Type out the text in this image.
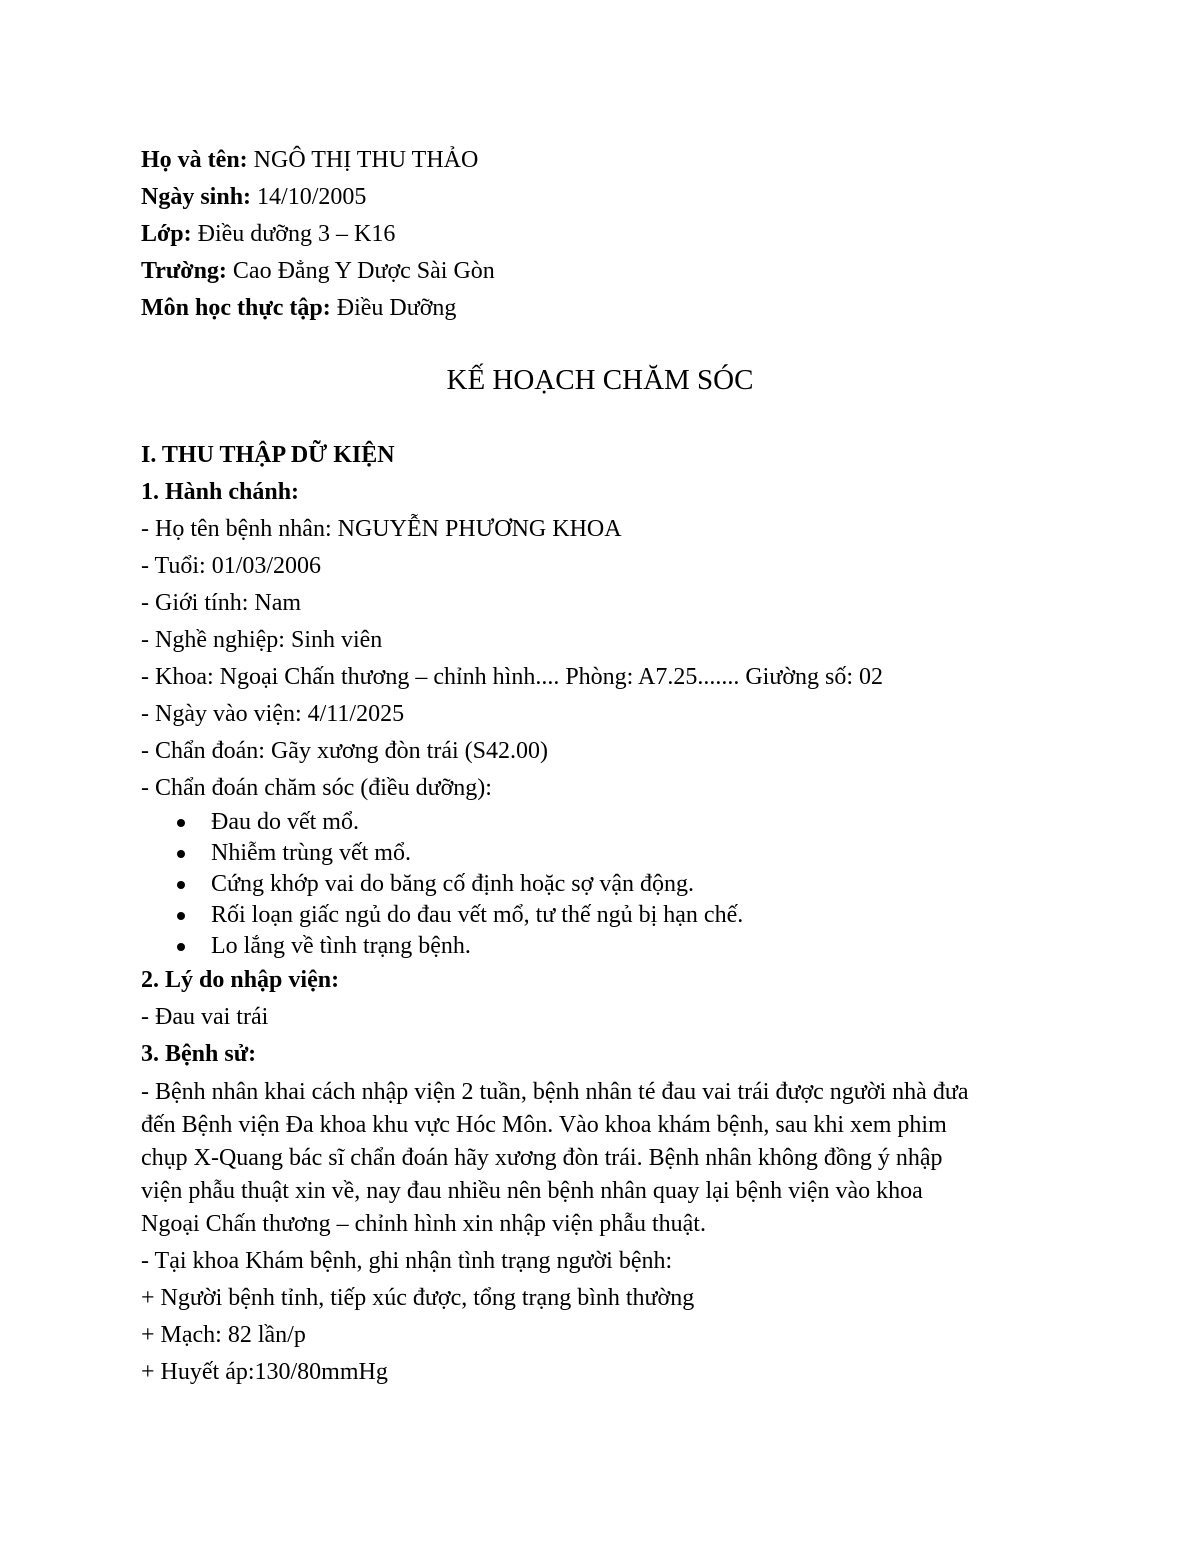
Họ và tên: NGÔ THỊ THU THẢO
Ngày sinh: 14/10/2005
Lớp: Điều dưỡng 3 – K16
Trường: Cao Đẳng Y Dược Sài Gòn
Môn học thực tập: Điều Dưỡng
KẾ HOẠCH CHĂM SÓC
I. THU THẬP DỮ KIỆN
1. Hành chánh:
- Họ tên bệnh nhân: NGUYỄN PHƯƠNG KHOA
- Tuổi: 01/03/2006
- Giới tính: Nam
- Nghề nghiệp: Sinh viên
- Khoa: Ngoại Chấn thương – chỉnh hình.... Phòng: A7.25....... Giường số: 02
- Ngày vào viện: 4/11/2025
- Chẩn đoán: Gãy xương đòn trái (S42.00)
- Chẩn đoán chăm sóc (điều dưỡng):
Đau do vết mổ.
Nhiễm trùng vết mổ.
Cứng khớp vai do băng cố định hoặc sợ vận động.
Rối loạn giấc ngủ do đau vết mổ, tư thế ngủ bị hạn chế.
Lo lắng về tình trạng bệnh.
2. Lý do nhập viện:
- Đau vai trái
3. Bệnh sử:
- Bệnh nhân khai cách nhập viện 2 tuần, bệnh nhân té đau vai trái được người nhà đưa
đến Bệnh viện Đa khoa khu vực Hóc Môn. Vào khoa khám bệnh, sau khi xem phim
chụp X-Quang bác sĩ chẩn đoán hãy xương đòn trái. Bệnh nhân không đồng ý nhập
viện phẫu thuật xin về, nay đau nhiều nên bệnh nhân quay lại bệnh viện vào khoa
Ngoại Chấn thương – chỉnh hình xin nhập viện phẫu thuật.
- Tại khoa Khám bệnh, ghi nhận tình trạng người bệnh:
+ Người bệnh tỉnh, tiếp xúc được, tổng trạng bình thường
+ Mạch: 82 lần/p
+ Huyết áp:130/80mmHg
